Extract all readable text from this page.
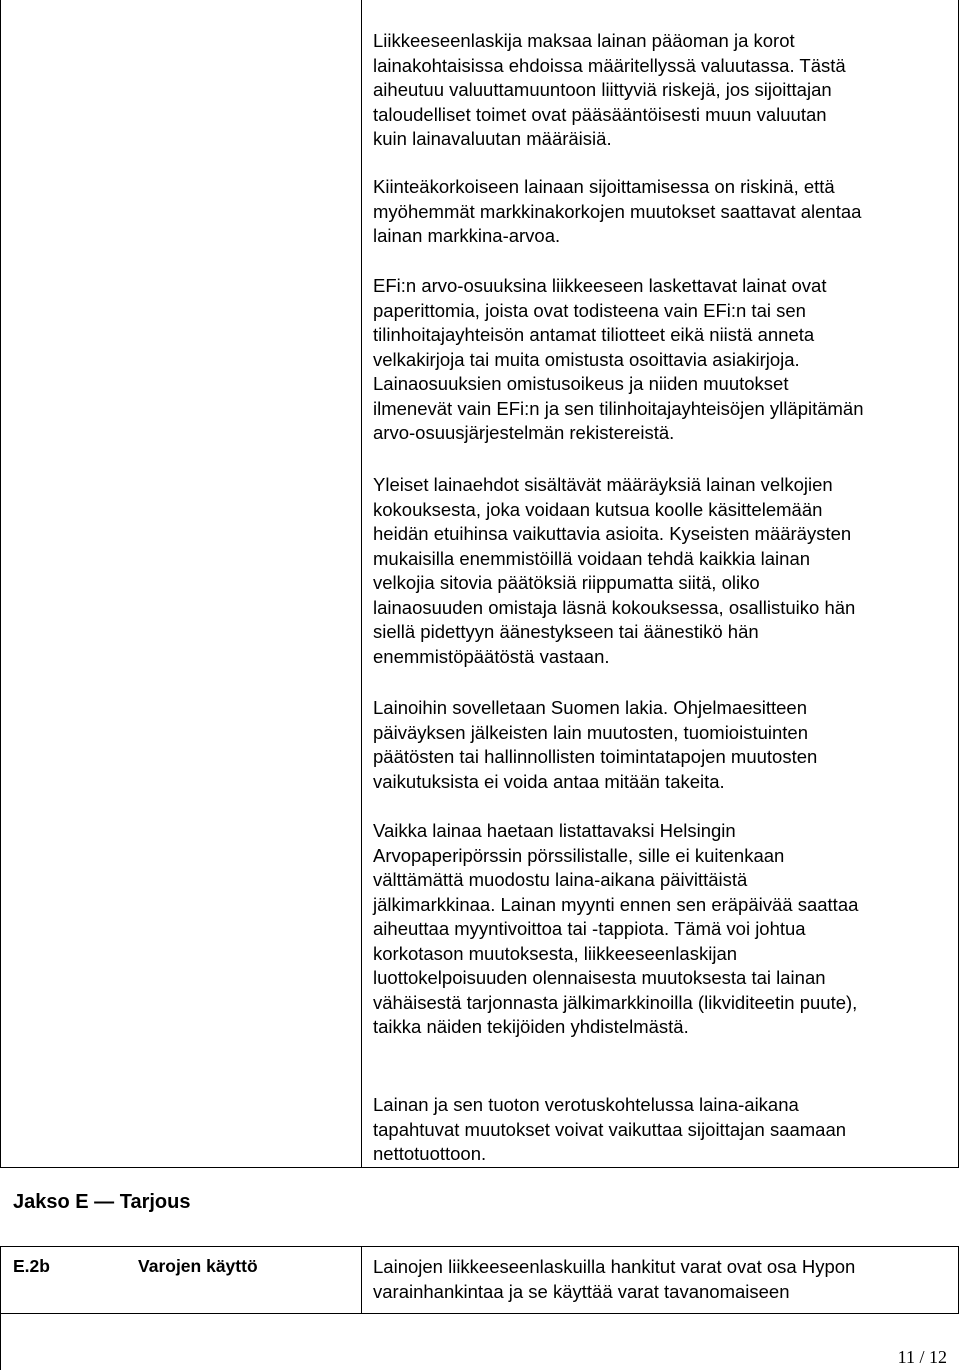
Liikkeeseenlaskija maksaa lainan pääoman ja korot
lainakohtaisissa ehdoissa määritellyssä valuutassa. Tästä
aiheutuu valuuttamuuntoon liittyviä riskejä, jos sijoittajan
taloudelliset toimet ovat pääsääntöisesti muun valuutan
kuin lainavaluutan määräisiä.

Kiinteäkorkoiseen lainaan sijoittamisessa on riskinä, että
myöhemmät markkinakorkojen muutokset saattavat alentaa
lainan markkina-arvoa.

EFi:n arvo-osuuksina liikkeeseen laskettavat lainat ovat
paperittomia, joista ovat todisteena vain EFi:n tai sen
tilinhoitajayhteisön antamat tiliotteet eikä niistä anneta
velkakirjoja tai muita omistusta osoittavia asiakirjoja.
Lainaosuuksien omistusoikeus ja niiden muutokset
ilmenevät vain EFi:n ja sen tilinhoitajayhteisöjen ylläpitämän
arvo-osuusjärjestelmän rekistereistä.

Yleiset lainaehdot sisältävät määräyksiä lainan velkojien
kokouksesta, joka voidaan kutsua koolle käsittelemään
heidän etuihinsa vaikuttavia asioita. Kyseisten määräysten
mukaisilla enemmistöillä voidaan tehdä kaikkia lainan
velkojia sitovia päätöksiä riippumatta siitä, oliko
lainaosuuden omistaja läsnä kokouksessa, osallistuiko hän
siellä pidettyyn äänestykseen tai äänestikö hän
enemmistöpäätöstä vastaan.

Lainoihin sovelletaan Suomen lakia. Ohjelmaesitteen
päiväyksen jälkeisten lain muutosten, tuomioistuinten
päätösten tai hallinnollisten toimintatapojen muutosten
vaikutuksista ei voida antaa mitään takeita.

Vaikka lainaa haetaan listattavaksi Helsingin
Arvopaperipörssin pörssilistalle, sille ei kuitenkaan
välttämättä muodostu laina-aikana päivittäistä
jälkimarkkinaa. Lainan myynti ennen sen eräpäivää saattaa
aiheuttaa myyntivoittoa tai -tappiota. Tämä voi johtua
korkotason muutoksesta, liikkeeseenlaskijan
luottokelpoisuuden olennaisesta muutoksesta tai lainan
vähäisestä tarjonnasta jälkimarkkinoilla (likviditeetin puute),
taikka näiden tekijöiden yhdistelmästä.

Lainan ja sen tuoton verotuskohtelussa laina-aikana
tapahtuvat muutokset voivat vaikuttaa sijoittajan saamaan
nettotuottoon.

Jakso E — Tarjous
E.2b	Varojen käyttö	Lainojen liikkeeseenlaskuilla hankitut varat ovat osa Hypon
varainhankintaa ja se käyttää varat tavanomaiseen

11 / 12
